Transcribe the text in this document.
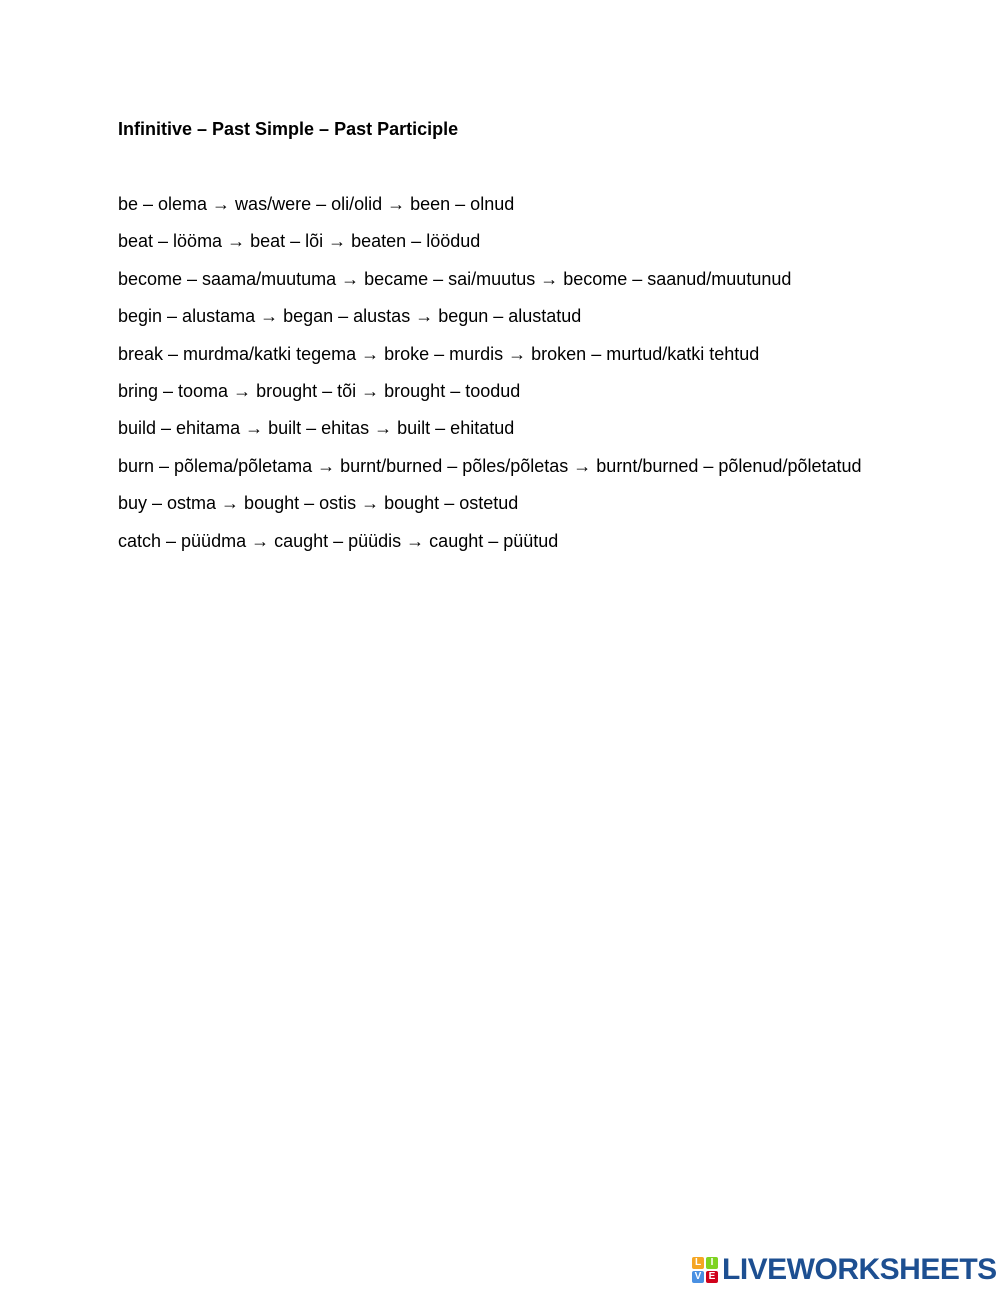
Infinitive – Past Simple – Past Participle
be – olema → was/were – oli/olid → been – olnud
beat – lööma → beat – lõi → beaten – löödud
become – saama/muutuma → became – sai/muutus → become – saanud/muutunud
begin – alustama → began – alustas → begun – alustatud
break – murdma/katki tegema → broke – murdis → broken – murtud/katki tehtud
bring – tooma → brought – tõi → brought – toodud
build – ehitama → built – ehitas → built – ehitatud
burn – põlema/põletama → burnt/burned – põles/põletas → burnt/burned – põlenud/põletatud
buy – ostma → bought – ostis → bought – ostetud
catch – püüdma → caught – püüdis → caught – püütud
L I
V E LIVEWORKSHEETS
